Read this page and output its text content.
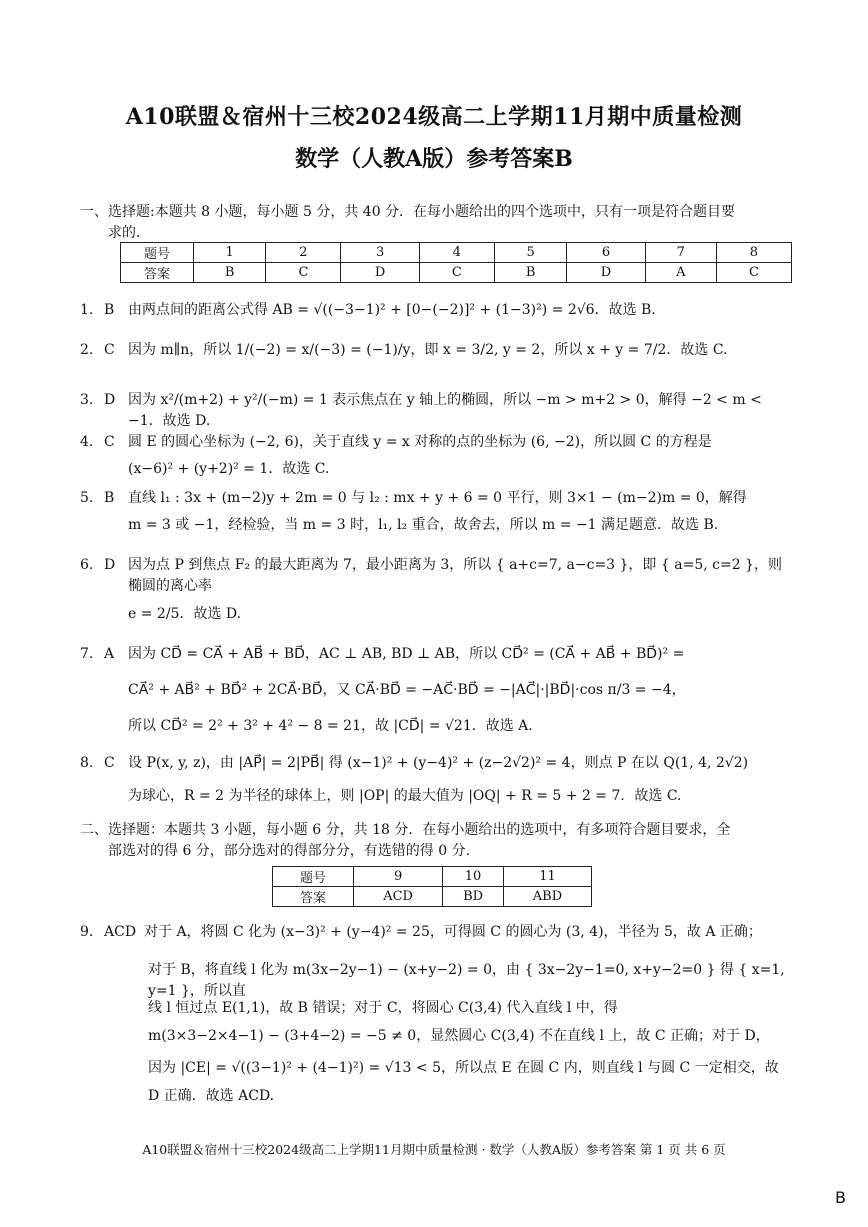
A10联盟＆宿州十三校2024级高二上学期11月期中质量检测
数学（人教A版）参考答案B
一、选择题:本题共 8 小题，每小题 5 分，共 40 分．在每小题给出的四个选项中，只有一项是符合题目要
求的．
题号	1	2	3	4	5	6	7	8
答案	B	C	D	C	B	D	A	C
1. B 由两点间的距离公式得 AB = √((−3−1)² + [0−(−2)]² + (1−3)²) = 2√6．故选 B.
2. C 因为 m∥n，所以 1/(−2) = x/(−3) = (−1)/y，即 x = 3/2, y = 2，所以 x + y = 7/2．故选 C.
3. D 因为 x²/(m+2) + y²/(−m) = 1 表示焦点在 y 轴上的椭圆，所以 −m > m+2 > 0，解得 −2 < m < −1．故选 D.
4. C 圆 E 的圆心坐标为 (−2, 6)，关于直线 y = x 对称的点的坐标为 (6, −2)，所以圆 C 的方程是
(x−6)² + (y+2)² = 1．故选 C.
5. B 直线 l₁ : 3x + (m−2)y + 2m = 0 与 l₂ : mx + y + 6 = 0 平行，则 3×1 − (m−2)m = 0，解得
m = 3 或 −1，经检验，当 m = 3 时，l₁, l₂ 重合，故舍去，所以 m = −1 满足题意．故选 B.
6. D 因为点 P 到焦点 F₂ 的最大距离为 7，最小距离为 3，所以 { a+c=7, a−c=3 }，即 { a=5, c=2 }，则椭圆的离心率
e = 2/5．故选 D.
7. A 因为 CD⃗ = CA⃗ + AB⃗ + BD⃗，AC ⊥ AB, BD ⊥ AB，所以 CD⃗² = (CA⃗ + AB⃗ + BD⃗)² =
CA⃗² + AB⃗² + BD⃗² + 2CA⃗·BD⃗，又 CA⃗·BD⃗ = −AC⃗·BD⃗ = −|AC⃗|·|BD⃗|·cos π/3 = −4，
所以 CD⃗² = 2² + 3² + 4² − 8 = 21，故 |CD⃗| = √21．故选 A.
8. C 设 P(x, y, z)，由 |AP⃗| = 2|PB⃗| 得 (x−1)² + (y−4)² + (z−2√2)² = 4，则点 P 在以 Q(1, 4, 2√2)
为球心，R = 2 为半径的球体上，则 |OP| 的最大值为 |OQ| + R = 5 + 2 = 7．故选 C.
二、选择题：本题共 3 小题，每小题 6 分，共 18 分．在每小题给出的选项中，有多项符合题目要求，全
部选对的得 6 分，部分选对的得部分分，有选错的得 0 分.
题号	9	10	11
答案	ACD	BD	ABD
9. ACD 对于 A，将圆 C 化为 (x−3)² + (y−4)² = 25，可得圆 C 的圆心为 (3, 4)，半径为 5，故 A 正确；
对于 B，将直线 l 化为 m(3x−2y−1) − (x+y−2) = 0，由 { 3x−2y−1=0, x+y−2=0 } 得 { x=1, y=1 }，所以直
线 l 恒过点 E(1,1)，故 B 错误；对于 C，将圆心 C(3,4) 代入直线 l 中，得
m(3×3−2×4−1) − (3+4−2) = −5 ≠ 0，显然圆心 C(3,4) 不在直线 l 上，故 C 正确；对于 D，
因为 |CE| = √((3−1)² + (4−1)²) = √13 < 5，所以点 E 在圆 C 内，则直线 l 与圆 C 一定相交，故
D 正确．故选 ACD.
A10联盟＆宿州十三校2024级高二上学期11月期中质量检测 · 数学（人教A版）参考答案 第 1 页 共 6 页
B
